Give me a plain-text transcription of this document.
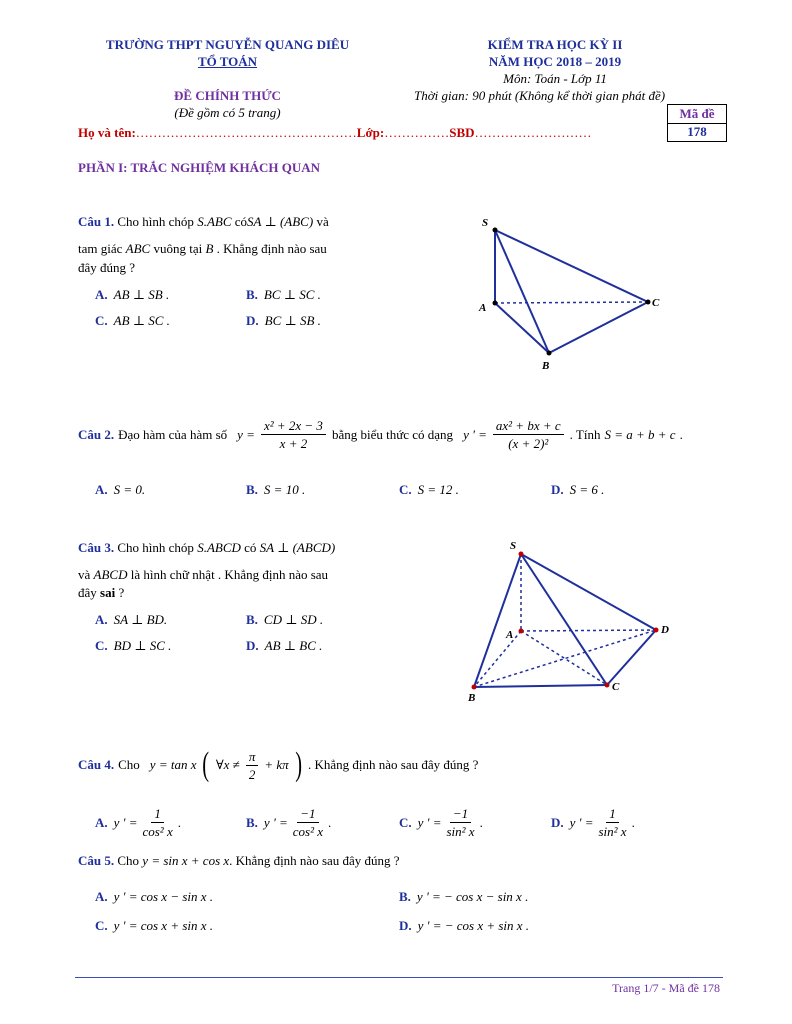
TRƯỜNG THPT NGUYỄN QUANG DIÊU
TỔ TOÁN
KIỂM TRA HỌC KỲ II
NĂM HỌC 2018 – 2019
Môn: Toán - Lớp 11
ĐỀ CHÍNH THỨC
(Đề gồm có 5 trang)
Thời gian: 90 phút (Không kể thời gian phát đề)
Họ và tên:……………………………………………Lớp:……………SBD………………………
Mã đề
178
PHẦN I: TRẮC NGHIỆM KHÁCH QUAN
Câu 1. Cho hình chóp S.ABC cóSA ⊥ (ABC) và
tam giác ABC vuông tại B . Khẳng định nào sau
đây đúng ?
A. AB ⊥ SB .	B. BC ⊥ SC .
C. AB ⊥ SC .	D. BC ⊥ SB .
S
A
B
C
Câu 2. Đạo hàm của hàm số $y = \frac{\text{x² + 2x − 3}}{x + 2}$ bằng biểu thức có dạng y ' = $\frac{\text{ax² + bx + c}}{\text{(x + 2)²}}$ . Tính S = a + b + c .
A. S = 0.	B. S = 10 .	C. S = 12 .	D. S = 6 .
Câu 3. Cho hình chóp S.ABCD có SA ⊥ (ABCD)
và ABCD là hình chữ nhật . Khẳng định nào sau
đây sai ?
A. SA ⊥ BD.	B. CD ⊥ SD .
C. BD ⊥ SC .	D. AB ⊥ BC .
S
A
B
C
D
Câu 4. Cho y = tan x ( ∀x ≠ $\frac{\pi}{2} + k\pi$ ) . Khẳng định nào sau đây đúng ?
A. y ' = $\frac{1}{\text{cos² x}}$ .	B. y ' = $\frac{-1}{\text{cos² x}}$ .	C. y ' = $\frac{-1}{\text{sin² x}}$ .	D. y ' = $\frac{1}{\text{sin² x}}$ .
Câu 5. Cho y = sin x + cos x. Khẳng định nào sau đây đúng ?
A. y ' = cos x − sin x .	B. y ' = − cos x − sin x .
C. y ' = cos x + sin x .	D. y ' = − cos x + sin x .
Trang 1/7 - Mã đề 178
